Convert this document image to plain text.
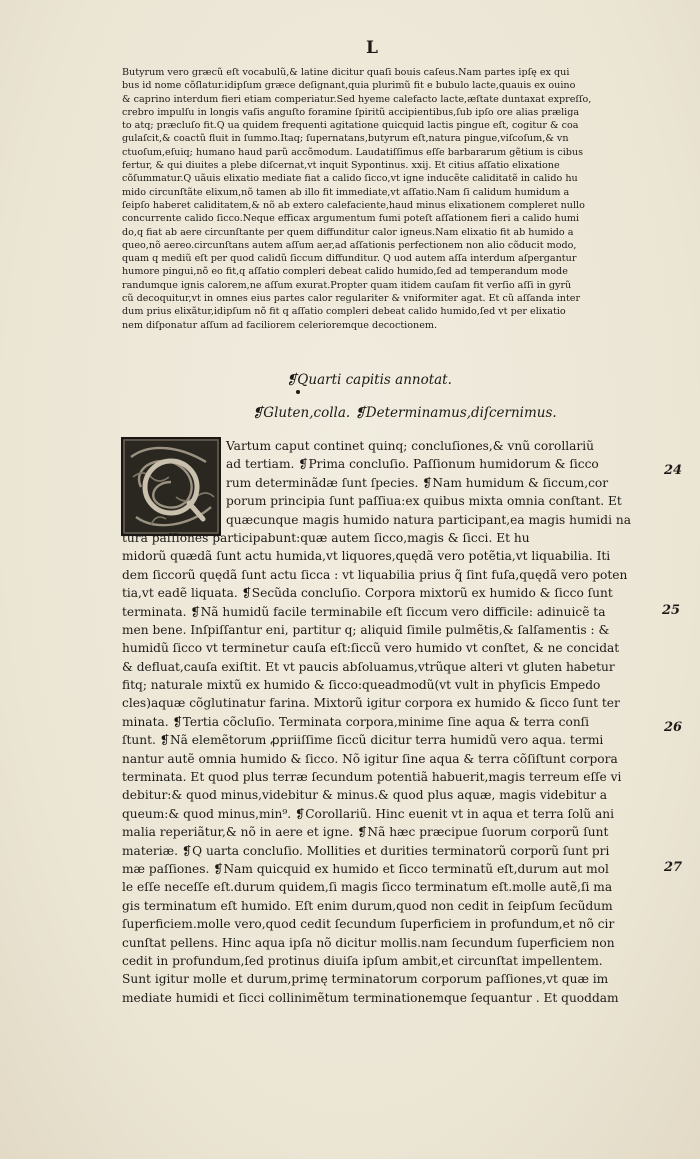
L
Butyrum vero græcũ eſt vocabulũ,& latine dicitur quaſi bouis caſeus.Nam partes ipſę ex qui
bus id nome cõſlatur.idipſum græce deſignant,quia plurimũ fit e bubulo lacte,quauis ex ouino
& caprino interdum fieri etiam comperiatur.Sed hyeme calefacto lacte,æſtate duntaxat expreſſo,
crebro impulſu in longis vaſis anguſto foramine ſpiritũ accipientibus,ſub ipſo ore alias præliga
to atq; præcluſo fit.Q ua quidem frequenti agitatione quicquid lactis pingue eſt, cogitur & coa
gulaſcit,& coactũ fluit in ſummo.Itaq; ſupernatans,butyrum eſt,natura pingue,viſcoſum,& vn
ctuoſum,eſuiq; humano haud parũ accõmodum. Laudatiſſimus eſſe barbararum gẽtium is cibus
fertur, & qui diuites a plebe diſcernat,vt inquit Sypontinus. xxij. Et citius aſſatio elixatione
cõſummatur.Q uãuis elixatio mediate fiat a calido ſicco,vt igne inducẽte caliditatẽ in calido hu
mido circunſtãte elixum,nõ tamen ab illo fit immediate,vt aſſatio.Nam ſi calidum humidum a
ſeipſo haberet caliditatem,& nõ ab extero calefaciente,haud minus elixationem compleret nullo
concurrente calido ſicco.Neque efficax argumentum fumi poteſt aſſationem fieri a calido humi
do,q fiat ab aere circunſtante per quem diffunditur calor igneus.Nam elixatio fit ab humido a
queo,nõ aereo.circunſtans autem aſſum aer,ad aſſationis perfectionem non alio cõducit modo,
quam q mediũ eſt per quod calidũ ſiccum diffunditur. Q uod autem aſſa interdum aſpergantur
humore pingui,nõ eo fit,q aſſatio compleri debeat calido humido,ſed ad temperandum mode
randumque ignis calorem,ne aſſum exurat.Propter quam itidem cauſam fit verſio aſſi in gyrũ
cũ decoquitur,vt in omnes eius partes calor regulariter & vniformiter agat. Et cũ aſſanda inter
dum prius elixãtur,idipſum nõ fit q aſſatio compleri debeat calido humido,ſed vt per elixatio
nem diſponatur aſſum ad faciliorem celerioremque decoctionem.
❡Quarti capitis annotat.
❡Gluten,colla. ❡Determinamus,diſcernimus.
Vartum caput continet quinq; concluſiones,& vnũ corollariũ
ad tertiam. ❡Prima concluſio. Paſſionum humidorum & ſicco
rum determinãdæ ſunt ſpecies. ❡Nam humidum & ſiccum,cor
porum principia ſunt paſſiua:ex quibus mixta omnia conſtant. Et
quæcunque magis humido natura participant,ea magis humidi na
tura paſſiones participabunt:quæ autem ſicco,magis & ſicci. Et hu
midorũ quædã ſunt actu humida,vt liquores,quędã vero potẽtia,vt liquabilia. Iti
dem ſiccorũ quędã ſunt actu ſicca : vt liquabilia prius q̃ ſint fuſa,quędã vero poten
tia,vt eadẽ liquata. ❡Secũda concluſio. Corpora mixtorũ ex humido & ſicco ſunt
terminata. ❡Nã humidũ facile terminabile eſt ſiccum vero difficile: adinuicẽ ta
men bene. Inſpiſſantur eni, partitur q; aliquid ſimile pulmẽtis,& ſalſamentis : &
humidũ ſicco vt terminetur cauſa eſt:ſiccũ vero humido vt conſtet, & ne concidat
& defluat,cauſa exiſtit. Et vt paucis abſoluamus,vtrũque alteri vt gluten habetur
fitq; naturale mixtũ ex humido & ſicco:queadmodũ(vt vult in phyſicis Empedo
cles)aquæ cõglutinatur farina. Mixtorũ igitur corpora ex humido & ſicco ſunt ter
minata. ❡Tertia cõcluſio. Terminata corpora,minime ſine aqua & terra conſi
ſtunt. ❡Nã elemẽtorum ꝓpriiſſime ſiccũ dicitur terra humidũ vero aqua. termi
nantur autẽ omnia humido & ſicco. Nõ igitur ſine aqua & terra cõſiſtunt corpora
terminata. Et quod plus terræ ſecundum potentiã habuerit,magis terreum eſſe vi
debitur:& quod minus,videbitur & minus.& quod plus aquæ, magis videbitur a
queum:& quod minus,min⁹. ❡Corollariũ. Hinc euenit vt in aqua et terra ſolũ ani
malia reperiãtur,& nõ in aere et igne. ❡Nã hæc præcipue ſuorum corporũ ſunt
materiæ. ❡Q uarta concluſio. Mollities et durities terminatorũ corporũ ſunt pri
mæ paſſiones. ❡Nam quicquid ex humido et ſicco terminatũ eſt,durum aut mol
le eſſe neceſſe eſt.durum quidem,ſi magis ſicco terminatum eſt.molle autẽ,ſi ma
gis terminatum eſt humido. Eſt enim durum,quod non cedit in ſeipſum ſecũdum
ſuperficiem.molle vero,quod cedit ſecundum ſuperficiem in profundum,et nõ cir
cunſtat pellens. Hinc aqua ipſa nõ dicitur mollis.nam ſecundum ſuperficiem non
cedit in profundum,ſed protinus diuiſa ipſum ambit,et circunſtat impellentem.
Sunt igitur molle et durum,primę terminatorum corporum paſſiones,vt quæ im
mediate humidi et ſicci collinimẽtum terminationemque ſequantur . Et quoddam
24
25
26
27
